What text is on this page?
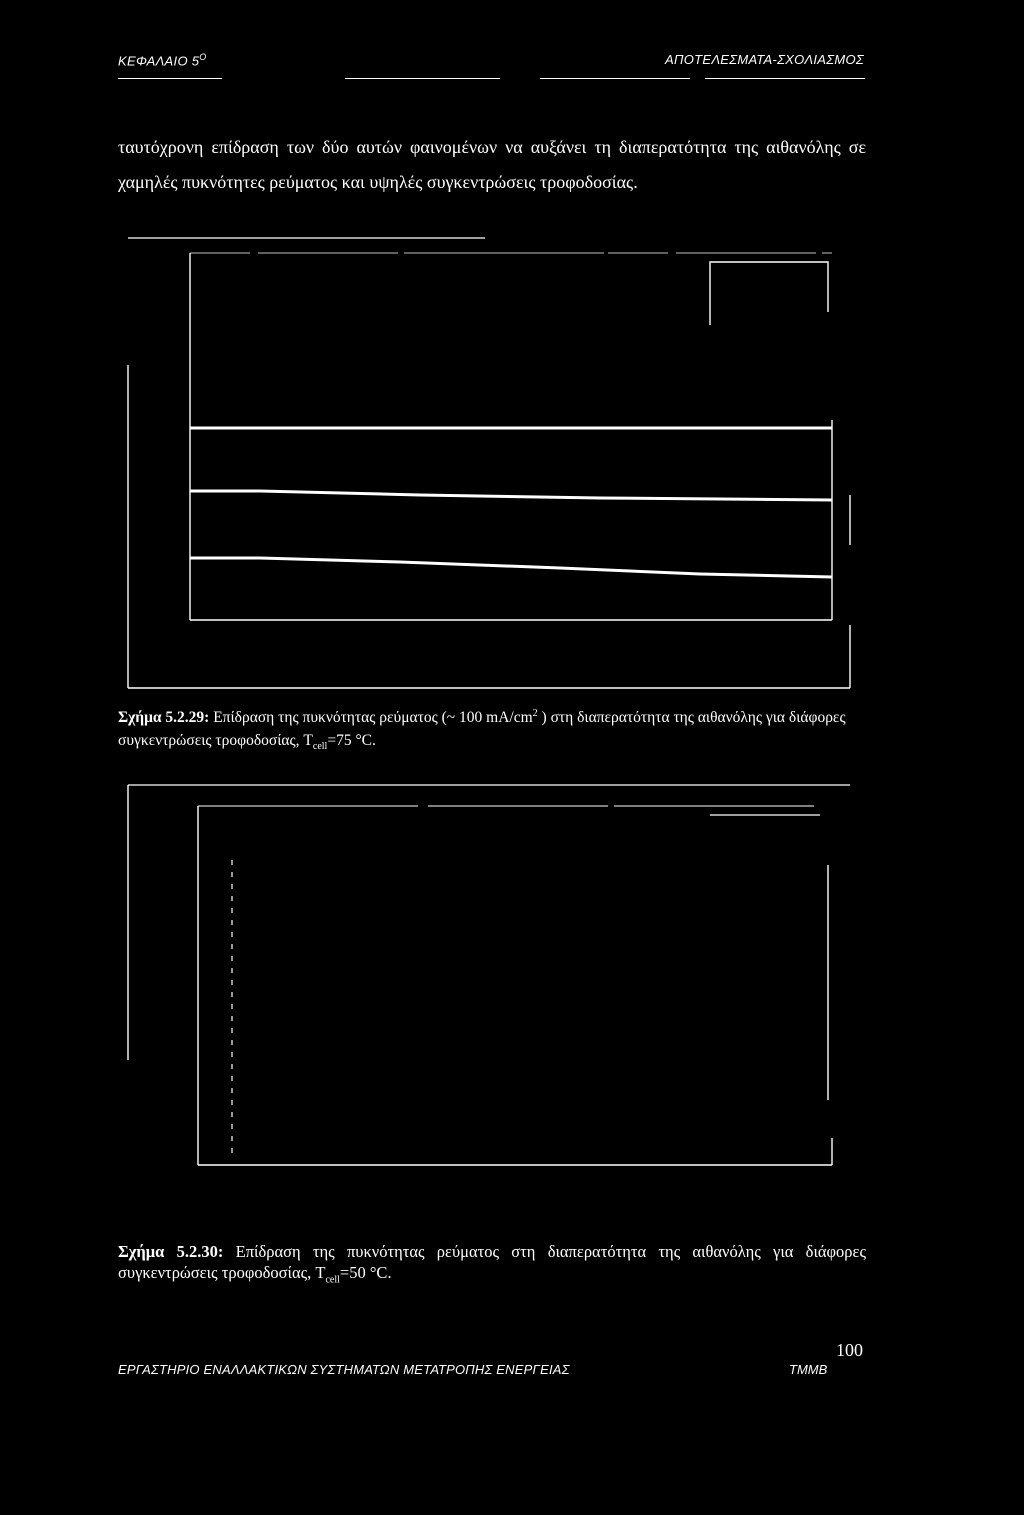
ΚΕΦΑΛΑΙΟ $5^O$	ΑΠΟΤΕΛΕΣΜΑΤΑ-ΣΧΟΛΙΑΣΜΟΣ

ταυτόχρονη επίδραση των δύο αυτών φαινομένων να αυξάνει τη διαπερατότητα της αιθανόλης σε χαμηλές πυκνότητες ρεύματος και υψηλές συγκεντρώσεις τροφοδοσίας.

Σχήμα 5.2.29: Επίδραση της πυκνότητας ρεύματος (~ 100 $mA/cm^2$ ) στη διαπερατότητα της αιθανόλης για διάφορες συγκεντρώσεις τροφοδοσίας, $T_{cell}=75$ °C.

Σχήμα 5.2.30: Επίδραση της πυκνότητας ρεύματος στη διαπερατότητα της αιθανόλης για διάφορες συγκεντρώσεις τροφοδοσίας, $T_{cell}=50$ °C.

100
ΕΡΓΑΣΤΗΡΙΟ ΕΝΑΛΛΑΚΤΙΚΩΝ ΣΥΣΤΗΜΑΤΩΝ ΜΕΤΑΤΡΟΠΗΣ ΕΝΕΡΓΕΙΑΣ	ΤΜΜΒ
